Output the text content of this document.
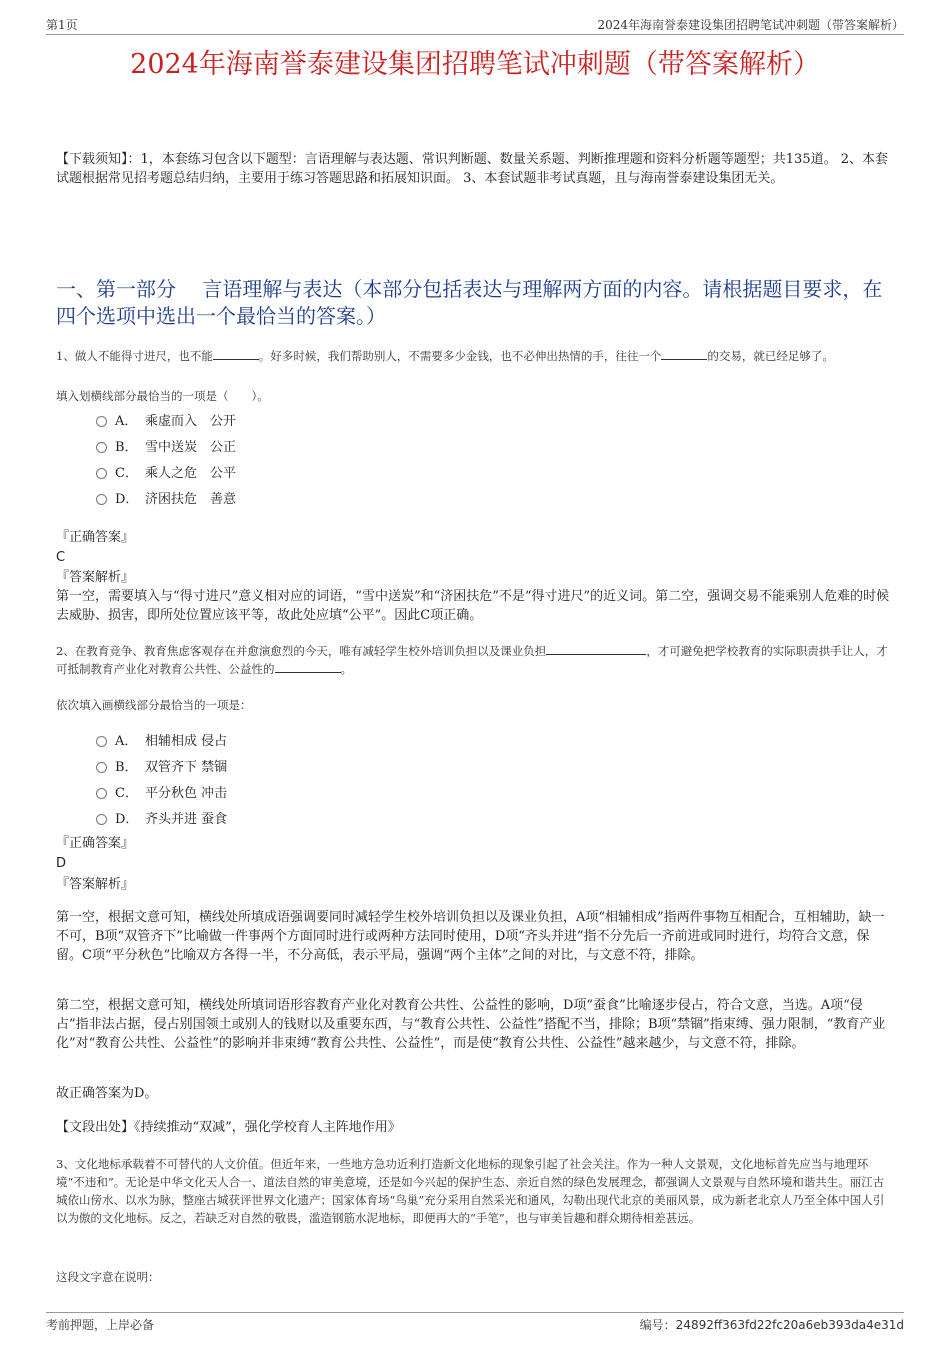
第1页	2024年海南誉泰建设集团招聘笔试冲刺题（带答案解析）
2024年海南誉泰建设集团招聘笔试冲刺题（带答案解析）
【下载须知】：1，本套练习包含以下题型：言语理解与表达题、常识判断题、数量关系题、判断推理题和资料分析题等题型；共135道。 2、本套试题根据常见招考题总结归纳，主要用于练习答题思路和拓展知识面。 3、本套试题非考试真题，且与海南誉泰建设集团无关。
一、第一部分　 言语理解与表达（本部分包括表达与理解两方面的内容。请根据题目要求，在四个选项中选出一个最恰当的答案。）
1、做人不能得寸进尺，也不能	。好多时候，我们帮助别人，不需要多少金钱，也不必伸出热情的手，往往一个	的交易，就已经足够了。
填入划横线部分最恰当的一项是（　　）。
A． 乘虚而入　公开
B． 雪中送炭　公正
C． 乘人之危　公平
D． 济困扶危　善意
『正确答案』
C
『答案解析』
第一空，需要填入与“得寸进尺”意义相对应的词语，“雪中送炭”和“济困扶危”不是“得寸进尺”的近义词。第二空，强调交易不能乘别人危难的时候去威胁、损害，即所处位置应该平等，故此处应填“公平”。因此C项正确。
2、在教育竞争、教育焦虑客观存在并愈演愈烈的今天，唯有减轻学生校外培训负担以及课业负担	，才可避免把学校教育的实际职责拱手让人，才可抵制教育产业化对教育公共性、公益性的	。
依次填入画横线部分最恰当的一项是：
A． 相辅相成 侵占
B． 双管齐下 禁锢
C． 平分秋色 冲击
D． 齐头并进 蚕食
『正确答案』
D
『答案解析』
第一空，根据文意可知，横线处所填成语强调要同时减轻学生校外培训负担以及课业负担，A项“相辅相成”指两件事物互相配合，互相辅助，缺一不可，B项“双管齐下”比喻做一件事两个方面同时进行或两种方法同时使用，D项“齐头并进”指不分先后一齐前进或同时进行，均符合文意，保留。C项“平分秋色”比喻双方各得一半，不分高低，表示平局，强调“两个主体”之间的对比，与文意不符，排除。
第二空，根据文意可知，横线处所填词语形容教育产业化对教育公共性、公益性的影响，D项“蚕食”比喻逐步侵占，符合文意，当选。A项“侵占”指非法占据，侵占别国领土或别人的钱财以及重要东西，与“教育公共性、公益性”搭配不当，排除；B项“禁锢”指束缚、强力限制，“教育产业化”对“教育公共性、公益性”的影响并非束缚“教育公共性、公益性”，而是使“教育公共性、公益性”越来越少，与文意不符，排除。
故正确答案为D。
【文段出处】《持续推动“双减”，强化学校育人主阵地作用》
3、文化地标承载着不可替代的人文价值。但近年来，一些地方急功近利打造新文化地标的现象引起了社会关注。作为一种人文景观，文化地标首先应当与地理环境“不违和”。无论是中华文化天人合一、道法自然的审美意境，还是如今兴起的保护生态、亲近自然的绿色发展理念，都强调人文景观与自然环境和谐共生。丽江古城依山傍水、以水为脉，整座古城获评世界文化遗产；国家体育场“鸟巢”充分采用自然采光和通风，勾勒出现代北京的美丽风景，成为新老北京人乃至全体中国人引以为傲的文化地标。反之，若缺乏对自然的敬畏，滥造钢筋水泥地标，即便再大的“手笔”，也与审美旨趣和群众期待相差甚远。
这段文字意在说明：
考前押题，上岸必备	编号：24892ff363fd22fc20a6eb393da4e31d
